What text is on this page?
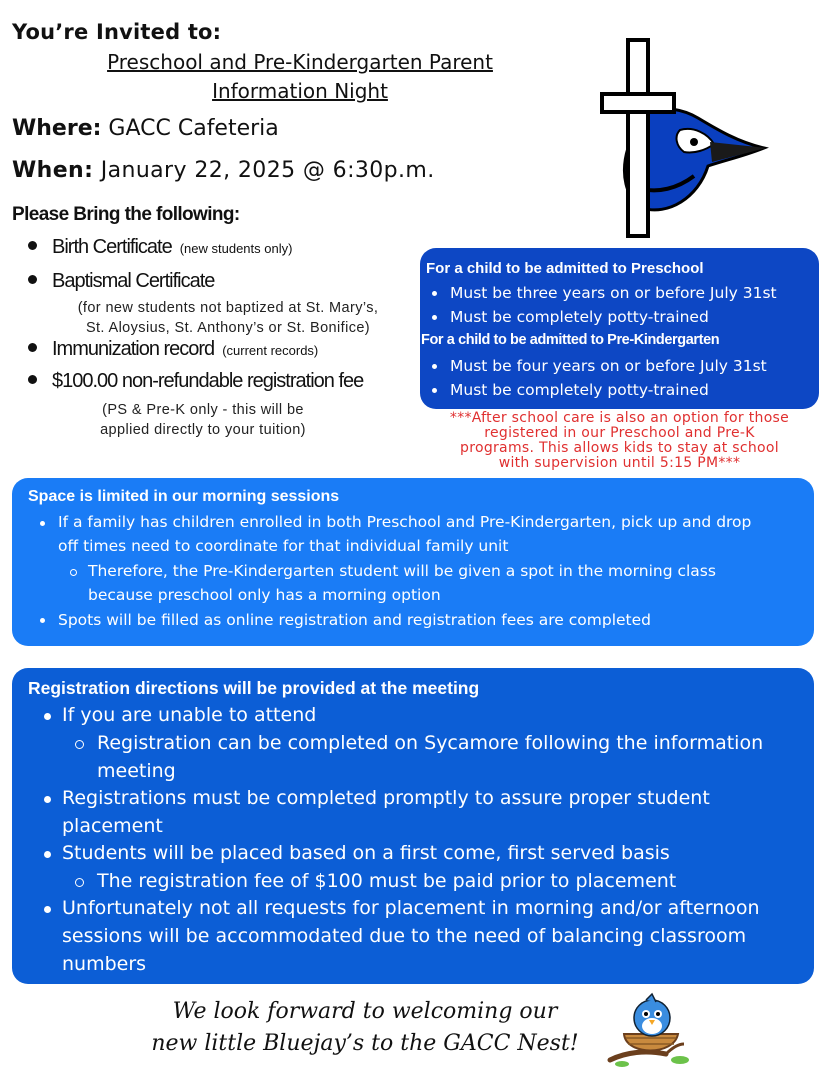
You’re Invited to:
Preschool and Pre-Kindergarten Parent
Information Night
Where: GACC Cafeteria
When: January 22, 2025 @ 6:30p.m.
Please Bring the following:
Birth Certificate (new students only)
Baptismal Certificate
(for new students not baptized at St. Mary’s,
St. Aloysius, St. Anthony’s or St. Bonifice)
Immunization record (current records)
$100.00 non-refundable registration fee
(PS & Pre-K only - this will be
applied directly to your tuition)
For a child to be admitted to Preschool
Must be three years on or before July 31st
Must be completely potty-trained
For a child to be admitted to Pre-Kindergarten
Must be four years on or before July 31st
Must be completely potty-trained
***After school care is also an option for those
registered in our Preschool and Pre-K
programs. This allows kids to stay at school
with supervision until 5:15 PM***
Space is limited in our morning sessions
If a family has children enrolled in both Preschool and Pre-Kindergarten, pick up and drop
off times need to coordinate for that individual family unit
Therefore, the Pre-Kindergarten student will be given a spot in the morning class
because preschool only has a morning option
Spots will be filled as online registration and registration fees are completed
Registration directions will be provided at the meeting
If you are unable to attend
Registration can be completed on Sycamore following the information
meeting
Registrations must be completed promptly to assure proper student
placement
Students will be placed based on a first come, first served basis
The registration fee of $100 must be paid prior to placement
Unfortunately not all requests for placement in morning and/or afternoon
sessions will be accommodated due to the need of balancing classroom
numbers
We look forward to welcoming our
new little Bluejay’s to the GACC Nest!
